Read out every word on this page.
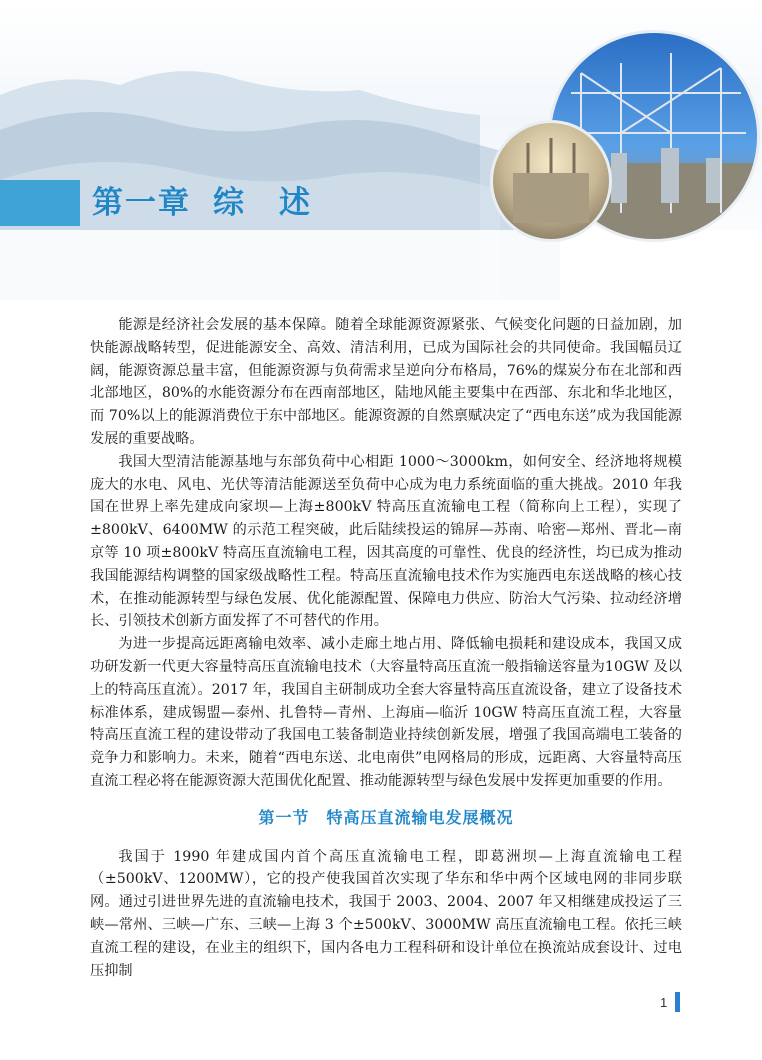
第一章 综　述

能源是经济社会发展的基本保障。随着全球能源资源紧张、气候变化问题的日益加剧，加快能源战略转型，促进能源安全、高效、清洁利用，已成为国际社会的共同使命。我国幅员辽阔，能源资源总量丰富，但能源资源与负荷需求呈逆向分布格局，76%的煤炭分布在北部和西北部地区，80%的水能资源分布在西南部地区，陆地风能主要集中在西部、东北和华北地区，而 70%以上的能源消费位于东中部地区。能源资源的自然禀赋决定了“西电东送”成为我国能源发展的重要战略。

我国大型清洁能源基地与东部负荷中心相距 1000～3000km，如何安全、经济地将规模庞大的水电、风电、光伏等清洁能源送至负荷中心成为电力系统面临的重大挑战。2010 年我国在世界上率先建成向家坝—上海±800kV 特高压直流输电工程（简称向上工程），实现了±800kV、6400MW 的示范工程突破，此后陆续投运的锦屏—苏南、哈密—郑州、晋北—南京等 10 项±800kV 特高压直流输电工程，因其高度的可靠性、优良的经济性，均已成为推动我国能源结构调整的国家级战略性工程。特高压直流输电技术作为实施西电东送战略的核心技术，在推动能源转型与绿色发展、优化能源配置、保障电力供应、防治大气污染、拉动经济增长、引领技术创新方面发挥了不可替代的作用。

为进一步提高远距离输电效率、减小走廊土地占用、降低输电损耗和建设成本，我国又成功研发新一代更大容量特高压直流输电技术（大容量特高压直流一般指输送容量为10GW 及以上的特高压直流）。2017 年，我国自主研制成功全套大容量特高压直流设备，建立了设备技术标准体系，建成锡盟—泰州、扎鲁特—青州、上海庙—临沂 10GW 特高压直流工程，大容量特高压直流工程的建设带动了我国电工装备制造业持续创新发展，增强了我国高端电工装备的竞争力和影响力。未来，随着“西电东送、北电南供”电网格局的形成，远距离、大容量特高压直流工程必将在能源资源大范围优化配置、推动能源转型与绿色发展中发挥更加重要的作用。

第一节　特高压直流输电发展概况

我国于 1990 年建成国内首个高压直流输电工程，即葛洲坝—上海直流输电工程（±500kV、1200MW），它的投产使我国首次实现了华东和华中两个区域电网的非同步联网。通过引进世界先进的直流输电技术，我国于 2003、2004、2007 年又相继建成投运了三峡—常州、三峡—广东、三峡—上海 3 个±500kV、3000MW 高压直流输电工程。依托三峡直流工程的建设，在业主的组织下，国内各电力工程科研和设计单位在换流站成套设计、过电压抑制

1
